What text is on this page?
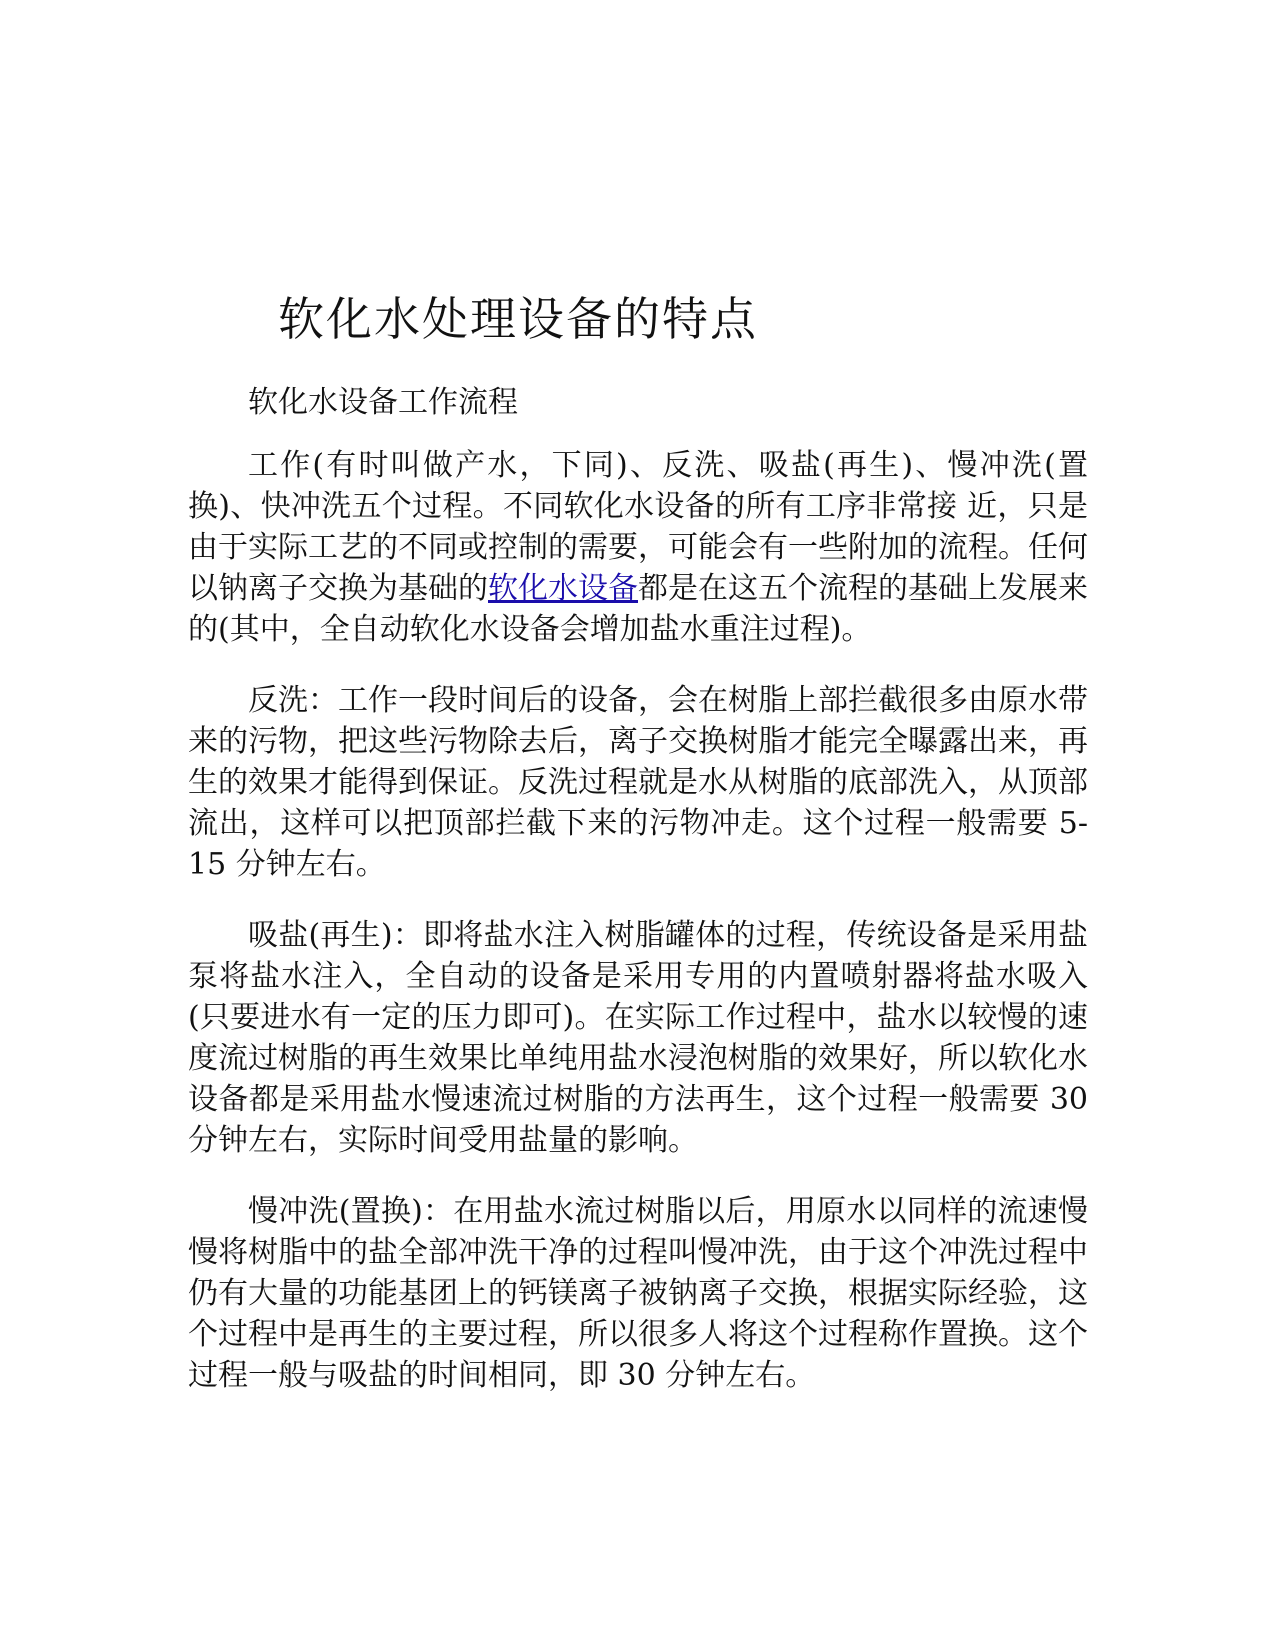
软化水处理设备的特点

软化水设备工作流程

工作(有时叫做产水，下同)、反洗、吸盐(再生)、慢冲洗(置换)、快冲洗五个过程。不同软化水设备的所有工序非常接 近，只是由于实际工艺的不同或控制的需要，可能会有一些附加的流程。任何以钠离子交换为基础的软化水设备都是在这五个流程的基础上发展来的(其中，全自动软化水设备会增加盐水重注过程)。

反洗：工作一段时间后的设备，会在树脂上部拦截很多由原水带来的污物，把这些污物除去后，离子交换树脂才能完全曝露出来，再生的效果才能得到保证。反洗过程就是水从树脂的底部洗入，从顶部流出，这样可以把顶部拦截下来的污物冲走。这个过程一般需要 5-15 分钟左右。

吸盐(再生)：即将盐水注入树脂罐体的过程，传统设备是采用盐泵将盐水注入，全自动的设备是采用专用的内置喷射器将盐水吸入(只要进水有一定的压力即可)。在实际工作过程中，盐水以较慢的速度流过树脂的再生效果比单纯用盐水浸泡树脂的效果好，所以软化水设备都是采用盐水慢速流过树脂的方法再生，这个过程一般需要 30 分钟左右，实际时间受用盐量的影响。

慢冲洗(置换)：在用盐水流过树脂以后，用原水以同样的流速慢慢将树脂中的盐全部冲洗干净的过程叫慢冲洗，由于这个冲洗过程中仍有大量的功能基团上的钙镁离子被钠离子交换，根据实际经验，这个过程中是再生的主要过程，所以很多人将这个过程称作置换。这个过程一般与吸盐的时间相同，即 30 分钟左右。
